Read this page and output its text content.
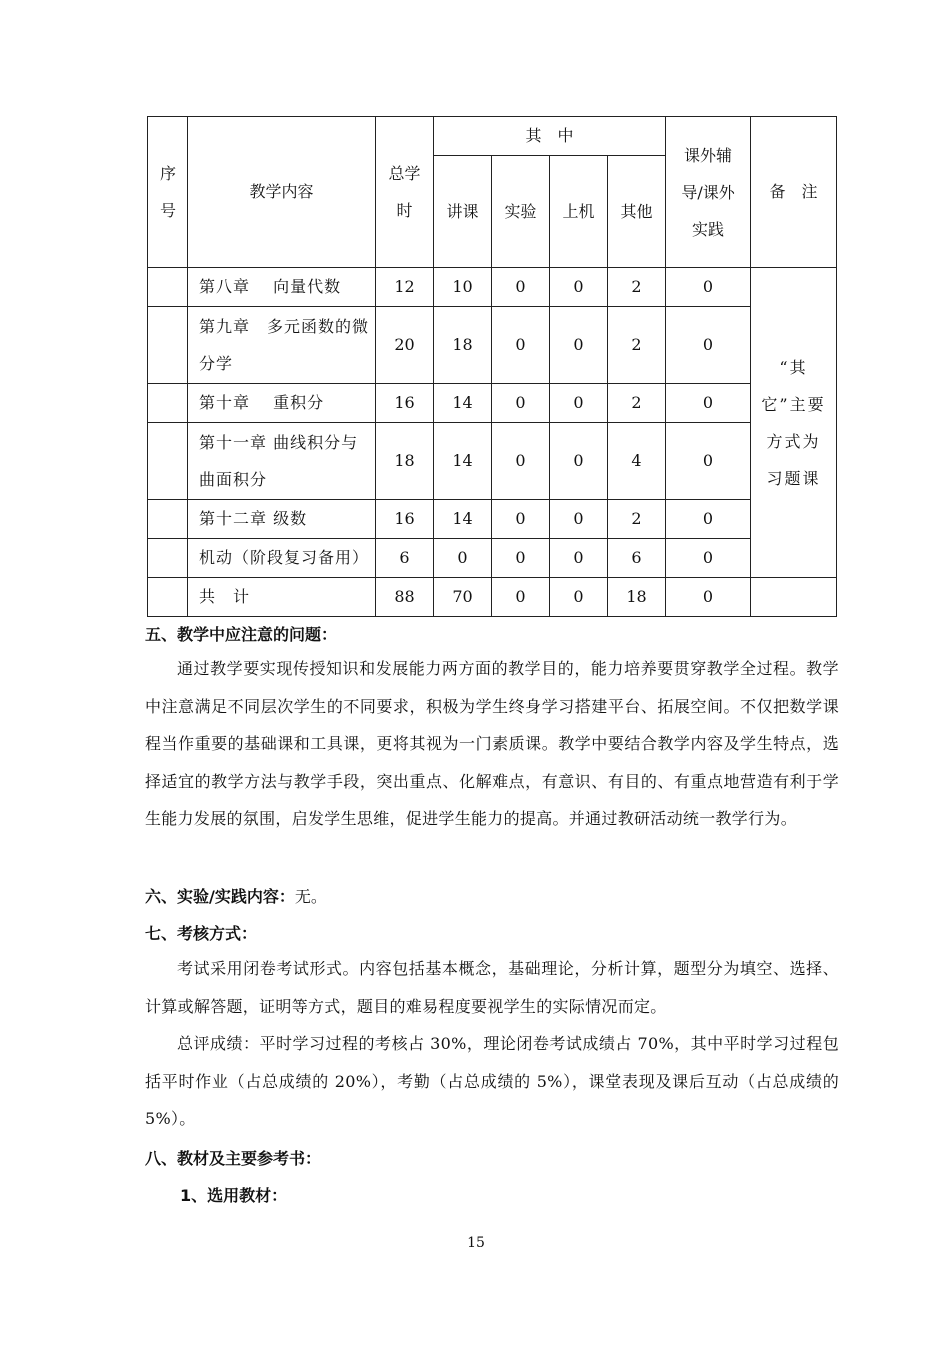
序号	教学内容	总学时	其　中				课外辅导/课外实践	备　注
			讲课	实验	上机	其他		
	第八章　 向量代数	12	10	0	0	2	0	“其它”主要方式为习题课
	第九章　多元函数的微分学	20	18	0	0	2	0	
	第十章　 重积分	16	14	0	0	2	0	
	第十一章 曲线积分与曲面积分	18	14	0	0	4	0	
	第十二章 级数	16	14	0	0	2	0	
	机动（阶段复习备用）	6	0	0	0	6	0	
	共　计	88	70	0	0	18	0	
五、教学中应注意的问题：
通过教学要实现传授知识和发展能力两方面的教学目的，能力培养要贯穿教学全过程。教学中注意满足不同层次学生的不同要求，积极为学生终身学习搭建平台、拓展空间。不仅把数学课程当作重要的基础课和工具课，更将其视为一门素质课。教学中要结合教学内容及学生特点，选择适宜的教学方法与教学手段，突出重点、化解难点，有意识、有目的、有重点地营造有利于学生能力发展的氛围，启发学生思维，促进学生能力的提高。并通过教研活动统一教学行为。
六、实验/实践内容：无。
七、考核方式：
考试采用闭卷考试形式。内容包括基本概念，基础理论，分析计算，题型分为填空、选择、计算或解答题，证明等方式，题目的难易程度要视学生的实际情况而定。
总评成绩：平时学习过程的考核占 30%，理论闭卷考试成绩占 70%，其中平时学习过程包括平时作业（占总成绩的 20%），考勤（占总成绩的 5%），课堂表现及课后互动（占总成绩的 5%）。
八、教材及主要参考书：
1、选用教材：
15
